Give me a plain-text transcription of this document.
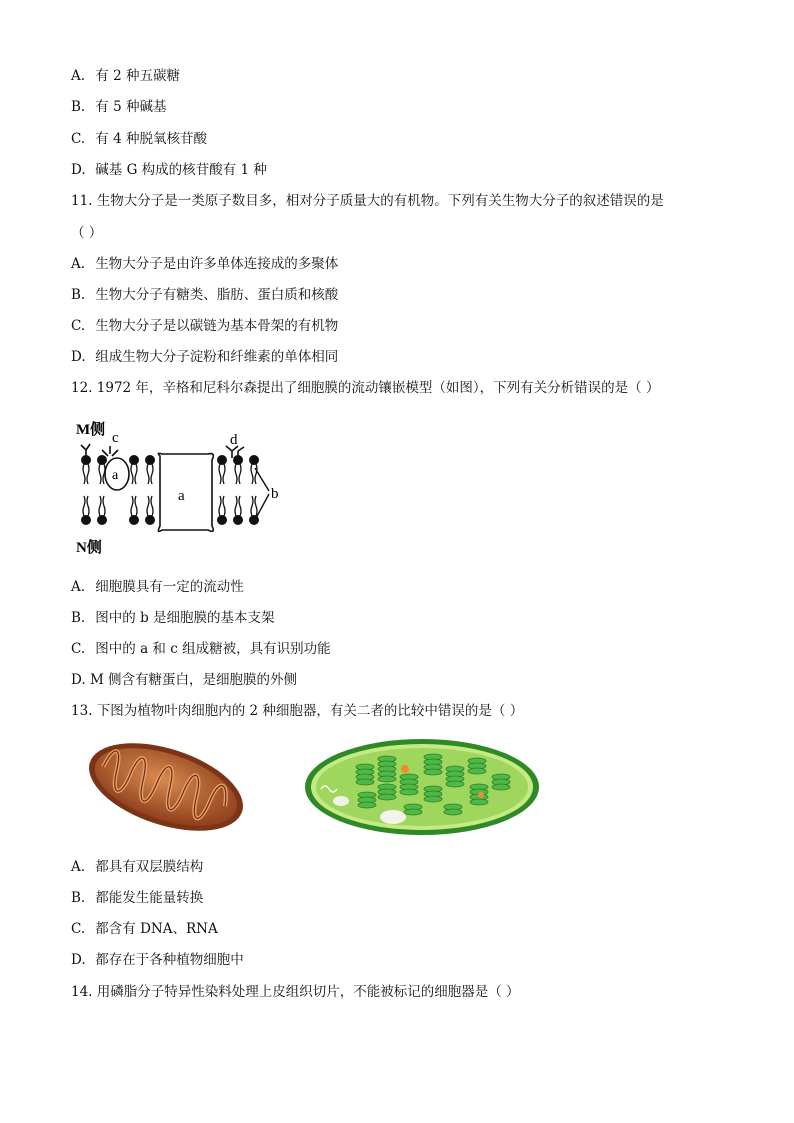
A. 有 2 种五碳糖
B. 有 5 种碱基
C. 有 4 种脱氧核苷酸
D. 碱基 G 构成的核苷酸有 1 种
11. 生物大分子是一类原子数目多，相对分子质量大的有机物。下列有关生物大分子的叙述错误的是
（ ）
A. 生物大分子是由许多单体连接成的多聚体
B. 生物大分子有糖类、脂肪、蛋白质和核酸
C. 生物大分子是以碳链为基本骨架的有机物
D. 组成生物大分子淀粉和纤维素的单体相同
12. 1972 年，辛格和尼科尔森提出了细胞膜的流动镶嵌模型（如图），下列有关分析错误的是（ ）
M侧
N侧
c	d
a
a	b
A. 细胞膜具有一定的流动性
B. 图中的 b 是细胞膜的基本支架
C. 图中的 a 和 c 组成糖被，具有识别功能
D. M 侧含有糖蛋白，是细胞膜的外侧
13. 下图为植物叶肉细胞内的 2 种细胞器，有关二者的比较中错误的是（ ）
A. 都具有双层膜结构
B. 都能发生能量转换
C. 都含有 DNA、RNA
D. 都存在于各种植物细胞中
14. 用磷脂分子特异性染料处理上皮组织切片，不能被标记的细胞器是（ ）
